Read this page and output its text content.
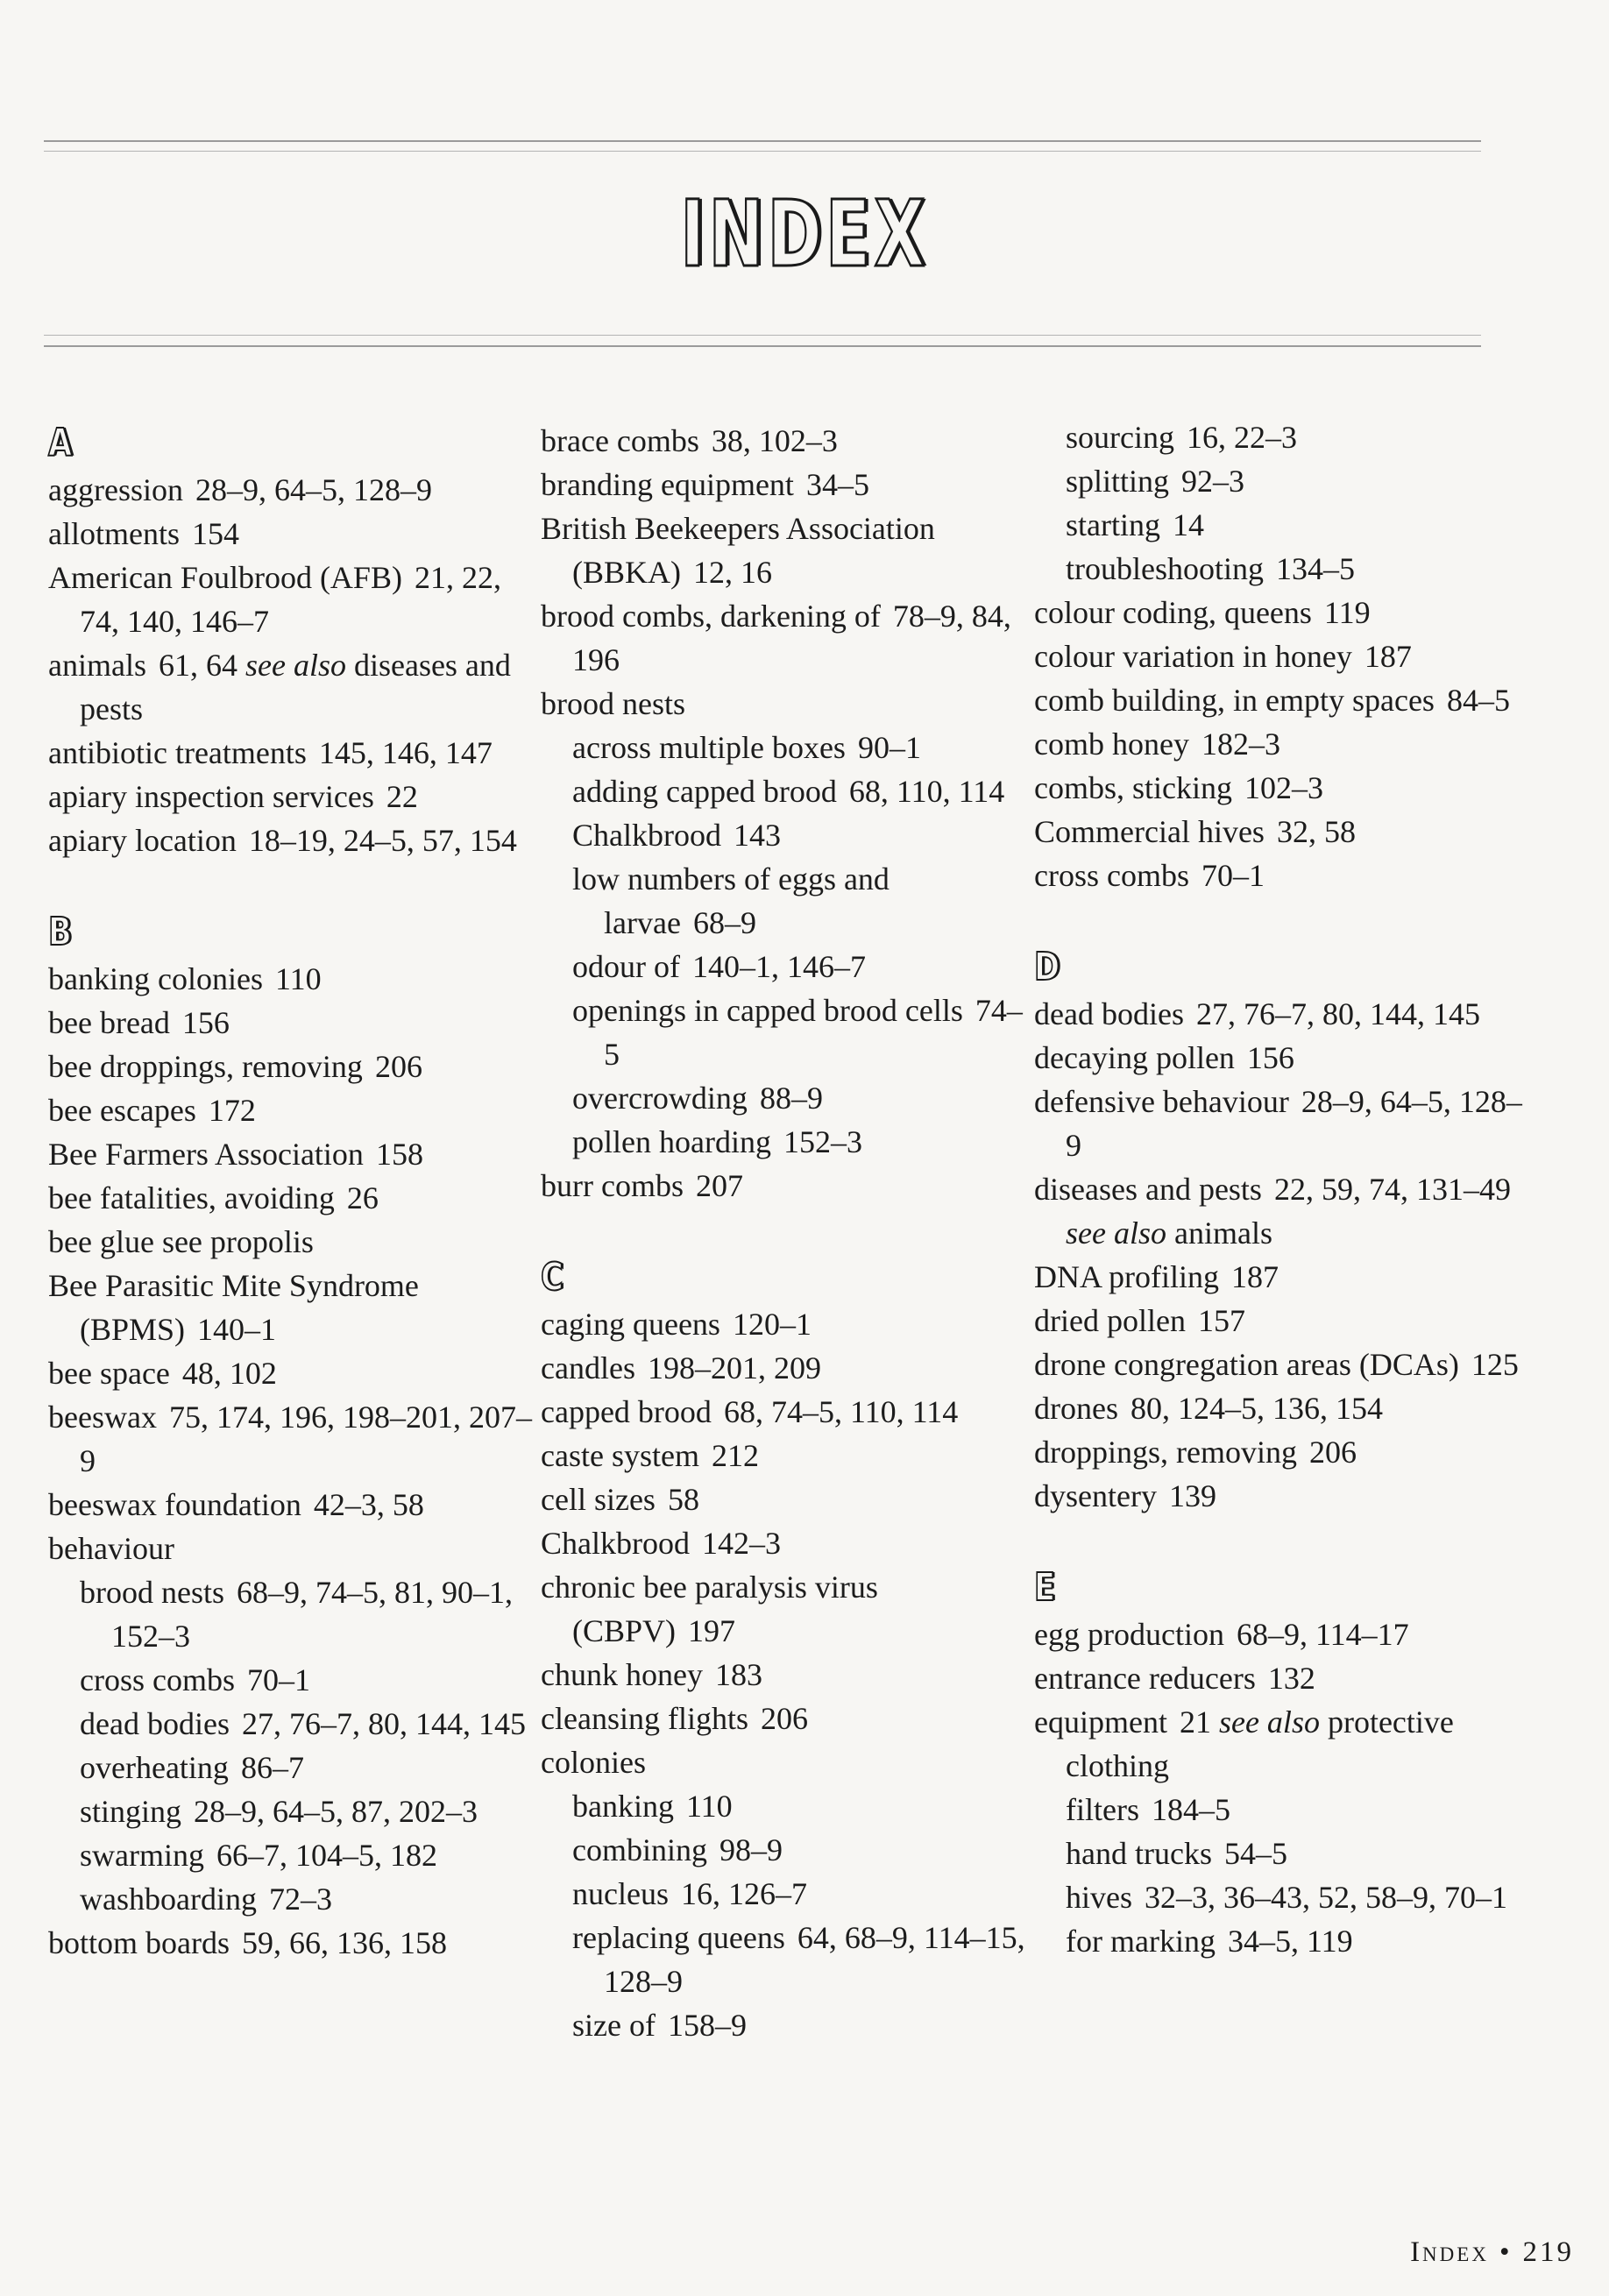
INDEX
A

aggression 28–9, 64–5, 128–9

allotments 154

American Foulbrood (AFB) 21, 22, 74, 140, 146–7

animals 61, 64 see also diseases and pests

antibiotic treatments 145, 146, 147

apiary inspection services 22

apiary location 18–19, 24–5, 57, 154

B

banking colonies 110

bee bread 156

bee droppings, removing 206

bee escapes 172

Bee Farmers Association 158

bee fatalities, avoiding 26

bee glue see propolis

Bee Parasitic Mite Syndrome (BPMS) 140–1

bee space 48, 102

beeswax 75, 174, 196, 198–201, 207–9

beeswax foundation 42–3, 58

behaviour

brood nests 68–9, 74–5, 81, 90–1, 152–3

cross combs 70–1

dead bodies 27, 76–7, 80, 144, 145

overheating 86–7

stinging 28–9, 64–5, 87, 202–3

swarming 66–7, 104–5, 182

washboarding 72–3

bottom boards 59, 66, 136, 158

brace combs 38, 102–3

branding equipment 34–5

British Beekeepers Association (BBKA) 12, 16

brood combs, darkening of 78–9, 84, 196

brood nests

across multiple boxes 90–1

adding capped brood 68, 110, 114

Chalkbrood 143

low numbers of eggs and larvae 68–9

odour of 140–1, 146–7

openings in capped brood cells 74–5

overcrowding 88–9

pollen hoarding 152–3

burr combs 207

C

caging queens 120–1

candles 198–201, 209

capped brood 68, 74–5, 110, 114

caste system 212

cell sizes 58

Chalkbrood 142–3

chronic bee paralysis virus (CBPV) 197

chunk honey 183

cleansing flights 206

colonies

banking 110

combining 98–9

nucleus 16, 126–7

replacing queens 64, 68–9, 114–15, 128–9

size of 158–9

sourcing 16, 22–3

splitting 92–3

starting 14

troubleshooting 134–5

colour coding, queens 119

colour variation in honey 187

comb building, in empty spaces 84–5

comb honey 182–3

combs, sticking 102–3

Commercial hives 32, 58

cross combs 70–1

D

dead bodies 27, 76–7, 80, 144, 145

decaying pollen 156

defensive behaviour 28–9, 64–5, 128–9

diseases and pests 22, 59, 74, 131–49 see also animals

DNA profiling 187

dried pollen 157

drone congregation areas (DCAs) 125

drones 80, 124–5, 136, 154

droppings, removing 206

dysentery 139

E

egg production 68–9, 114–17

entrance reducers 132

equipment 21 see also protective clothing

filters 184–5

hand trucks 54–5

hives 32–3, 36–43, 52, 58–9, 70–1

for marking 34–5, 119

Index • 219
